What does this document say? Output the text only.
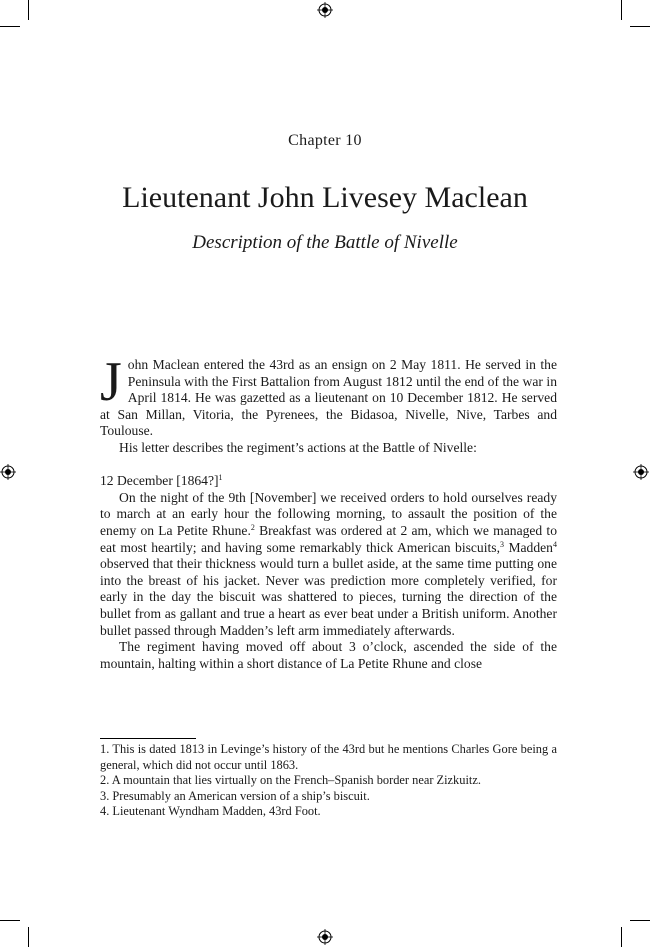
Chapter 10
Lieutenant John Livesey Maclean
Description of the Battle of Nivelle

John Maclean entered the 43rd as an ensign on 2 May 1811. He served in the Peninsula with the First Battalion from August 1812 until the end of the war in April 1814. He was gazetted as a lieutenant on 10 December 1812. He served at San Millan, Vitoria, the Pyrenees, the Bidasoa, Nivelle, Nive, Tarbes and Toulouse.

His letter describes the regiment’s actions at the Battle of Nivelle:

12 December [1864?]$^1$

On the night of the 9th [November] we received orders to hold ourselves ready to march at an early hour the following morning, to assault the position of the enemy on La Petite Rhune.$^2$ Breakfast was ordered at 2 am, which we managed to eat most heartily; and having some remarkably thick American biscuits,$^3$ Madden$^4$ observed that their thickness would turn a bullet aside, at the same time putting one into the breast of his jacket. Never was prediction more completely verified, for early in the day the biscuit was shattered to pieces, turning the direction of the bullet from as gallant and true a heart as ever beat under a British uniform. Another bullet passed through Madden’s left arm immediately afterwards.

The regiment having moved off about 3 o’clock, ascended the side of the mountain, halting within a short distance of La Petite Rhune and close

1. This is dated 1813 in Levinge’s history of the 43rd but he mentions Charles Gore being a general, which did not occur until 1863.

2. A mountain that lies virtually on the French–Spanish border near Zizkuitz.

3. Presumably an American version of a ship’s biscuit.

4. Lieutenant Wyndham Madden, 43rd Foot.
